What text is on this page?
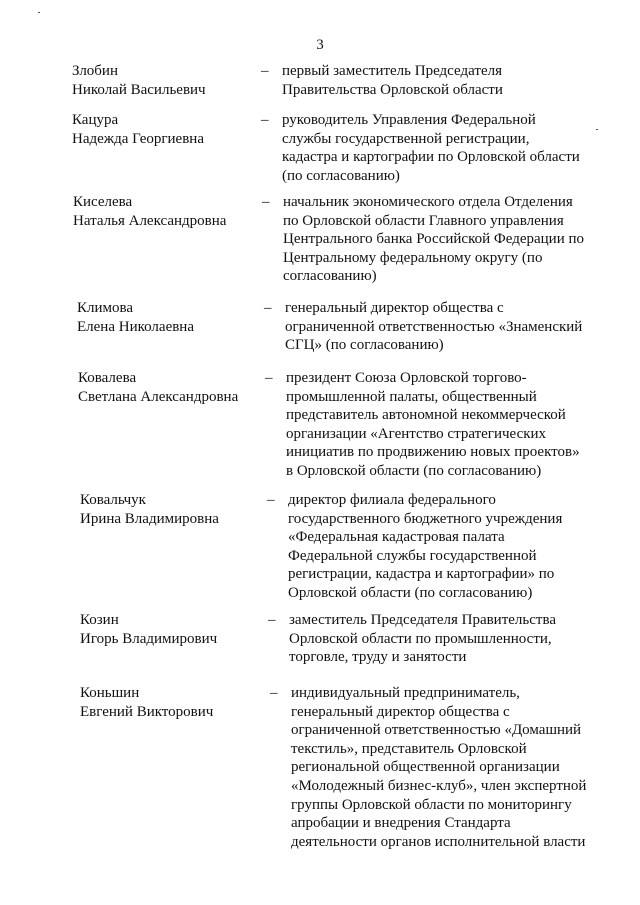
3
Злобин
Николай Васильевич
– первый заместитель Председателя
Правительства Орловской области
Кацура
Надежда Георгиевна
– руководитель Управления Федеральной
службы государственной регистрации,
кадастра и картографии по Орловской области
(по согласованию)
Киселева
Наталья Александровна
– начальник экономического отдела Отделения
по Орловской области Главного управления
Центрального банка Российской Федерации по
Центральному федеральному округу (по
согласованию)
Климова
Елена Николаевна
– генеральный директор общества с
ограниченной ответственностью «Знаменский
СГЦ» (по согласованию)
Ковалева
Светлана Александровна
– президент Союза Орловской торгово-
промышленной палаты, общественный
представитель автономной некоммерческой
организации «Агентство стратегических
инициатив по продвижению новых проектов»
в Орловской области (по согласованию)
Ковальчук
Ирина Владимировна
– директор филиала федерального
государственного бюджетного учреждения
«Федеральная кадастровая палата
Федеральной службы государственной
регистрации, кадастра и картографии» по
Орловской области (по согласованию)
Козин
Игорь Владимирович
– заместитель Председателя Правительства
Орловской области по промышленности,
торговле, труду и занятости
Коньшин
Евгений Викторович
– индивидуальный предприниматель,
генеральный директор общества с
ограниченной ответственностью «Домашний
текстиль», представитель Орловской
региональной общественной организации
«Молодежный бизнес-клуб», член экспертной
группы Орловской области по мониторингу
апробации и внедрения Стандарта
деятельности органов исполнительной власти
